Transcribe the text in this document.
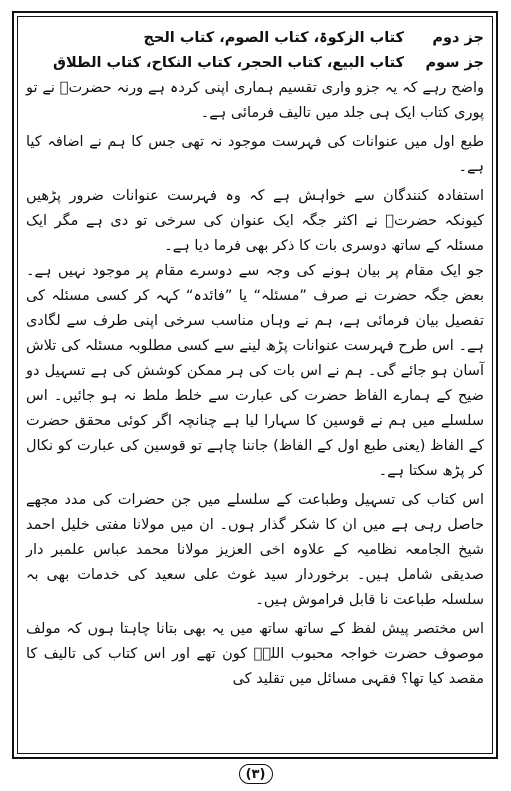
جز دوم
کتاب الزکوۃ، کتاب الصوم، کتاب الحج
جز سوم
کتاب البیع، کتاب الحجر، کتاب النکاح، کتاب الطلاق

واضح رہے کہ یہ جزو واری تقسیم ہماری اپنی کردہ ہے ورنہ حضرتؒ نے تو پوری کتاب ایک ہی جلد میں تالیف فرمائی ہے۔

طبع اول میں عنوانات کی فہرست موجود نہ تھی جس کا ہم نے اضافہ کیا ہے۔

استفادہ کنندگان سے خواہش ہے کہ وہ فہرست عنوانات ضرور پڑھیں کیونکہ حضرتؒ نے اکثر جگہ ایک عنوان کی سرخی تو دی ہے مگر ایک مسئلہ کے ساتھ دوسری بات کا ذکر بھی فرما دیا ہے۔

جو ایک مقام پر بیان ہونے کی وجہ سے دوسرے مقام پر موجود نہیں ہے۔ بعض جگہ حضرت نے صرف ”مسئلہ“ یا ”فائدہ“ کہہ کر کسی مسئلہ کی تفصیل بیان فرمائی ہے، ہم نے وہاں مناسب سرخی اپنی طرف سے لگادی ہے۔ اس طرح فہرست عنوانات پڑھ لینے سے کسی مطلوبہ مسئلہ کی تلاش آسان ہو جائے گی۔ ہم نے اس بات کی ہر ممکن کوشش کی ہے تسہیل دو ضیح کے ہمارے الفاظ حضرت کی عبارت سے خلط ملط نہ ہو جائیں۔ اس سلسلے میں ہم نے قوسین کا سہارا لیا ہے چنانچہ اگر کوئی محقق حضرت کے الفاظ (یعنی طبع اول کے الفاظ) جاننا چاہے تو قوسین کی عبارت کو نکال کر پڑھ سکتا ہے۔

اس کتاب کی تسہیل وطباعت کے سلسلے میں جن حضرات کی مدد مجھے حاصل رہی ہے میں ان کا شکر گذار ہوں۔ ان میں مولانا مفتی خلیل احمد شیخ الجامعہ نظامیہ کے علاوہ اخی العزیز مولانا محمد عباس علمبر دار صدیقی شامل ہیں۔ برخوردار سید غوث علی سعید کی خدمات بھی بہ سلسلہ طباعت نا قابل فراموش ہیں۔

اس مختصر پیش لفظ کے ساتھ ساتھ میں یہ بھی بتانا چاہتا ہوں کہ مولف موصوف حضرت خواجہ محبوب اللہؒ کون تھے اور اس کتاب کی تالیف کا مقصد کیا تھا؟ فقہی مسائل میں تقلید کی

(٣)
